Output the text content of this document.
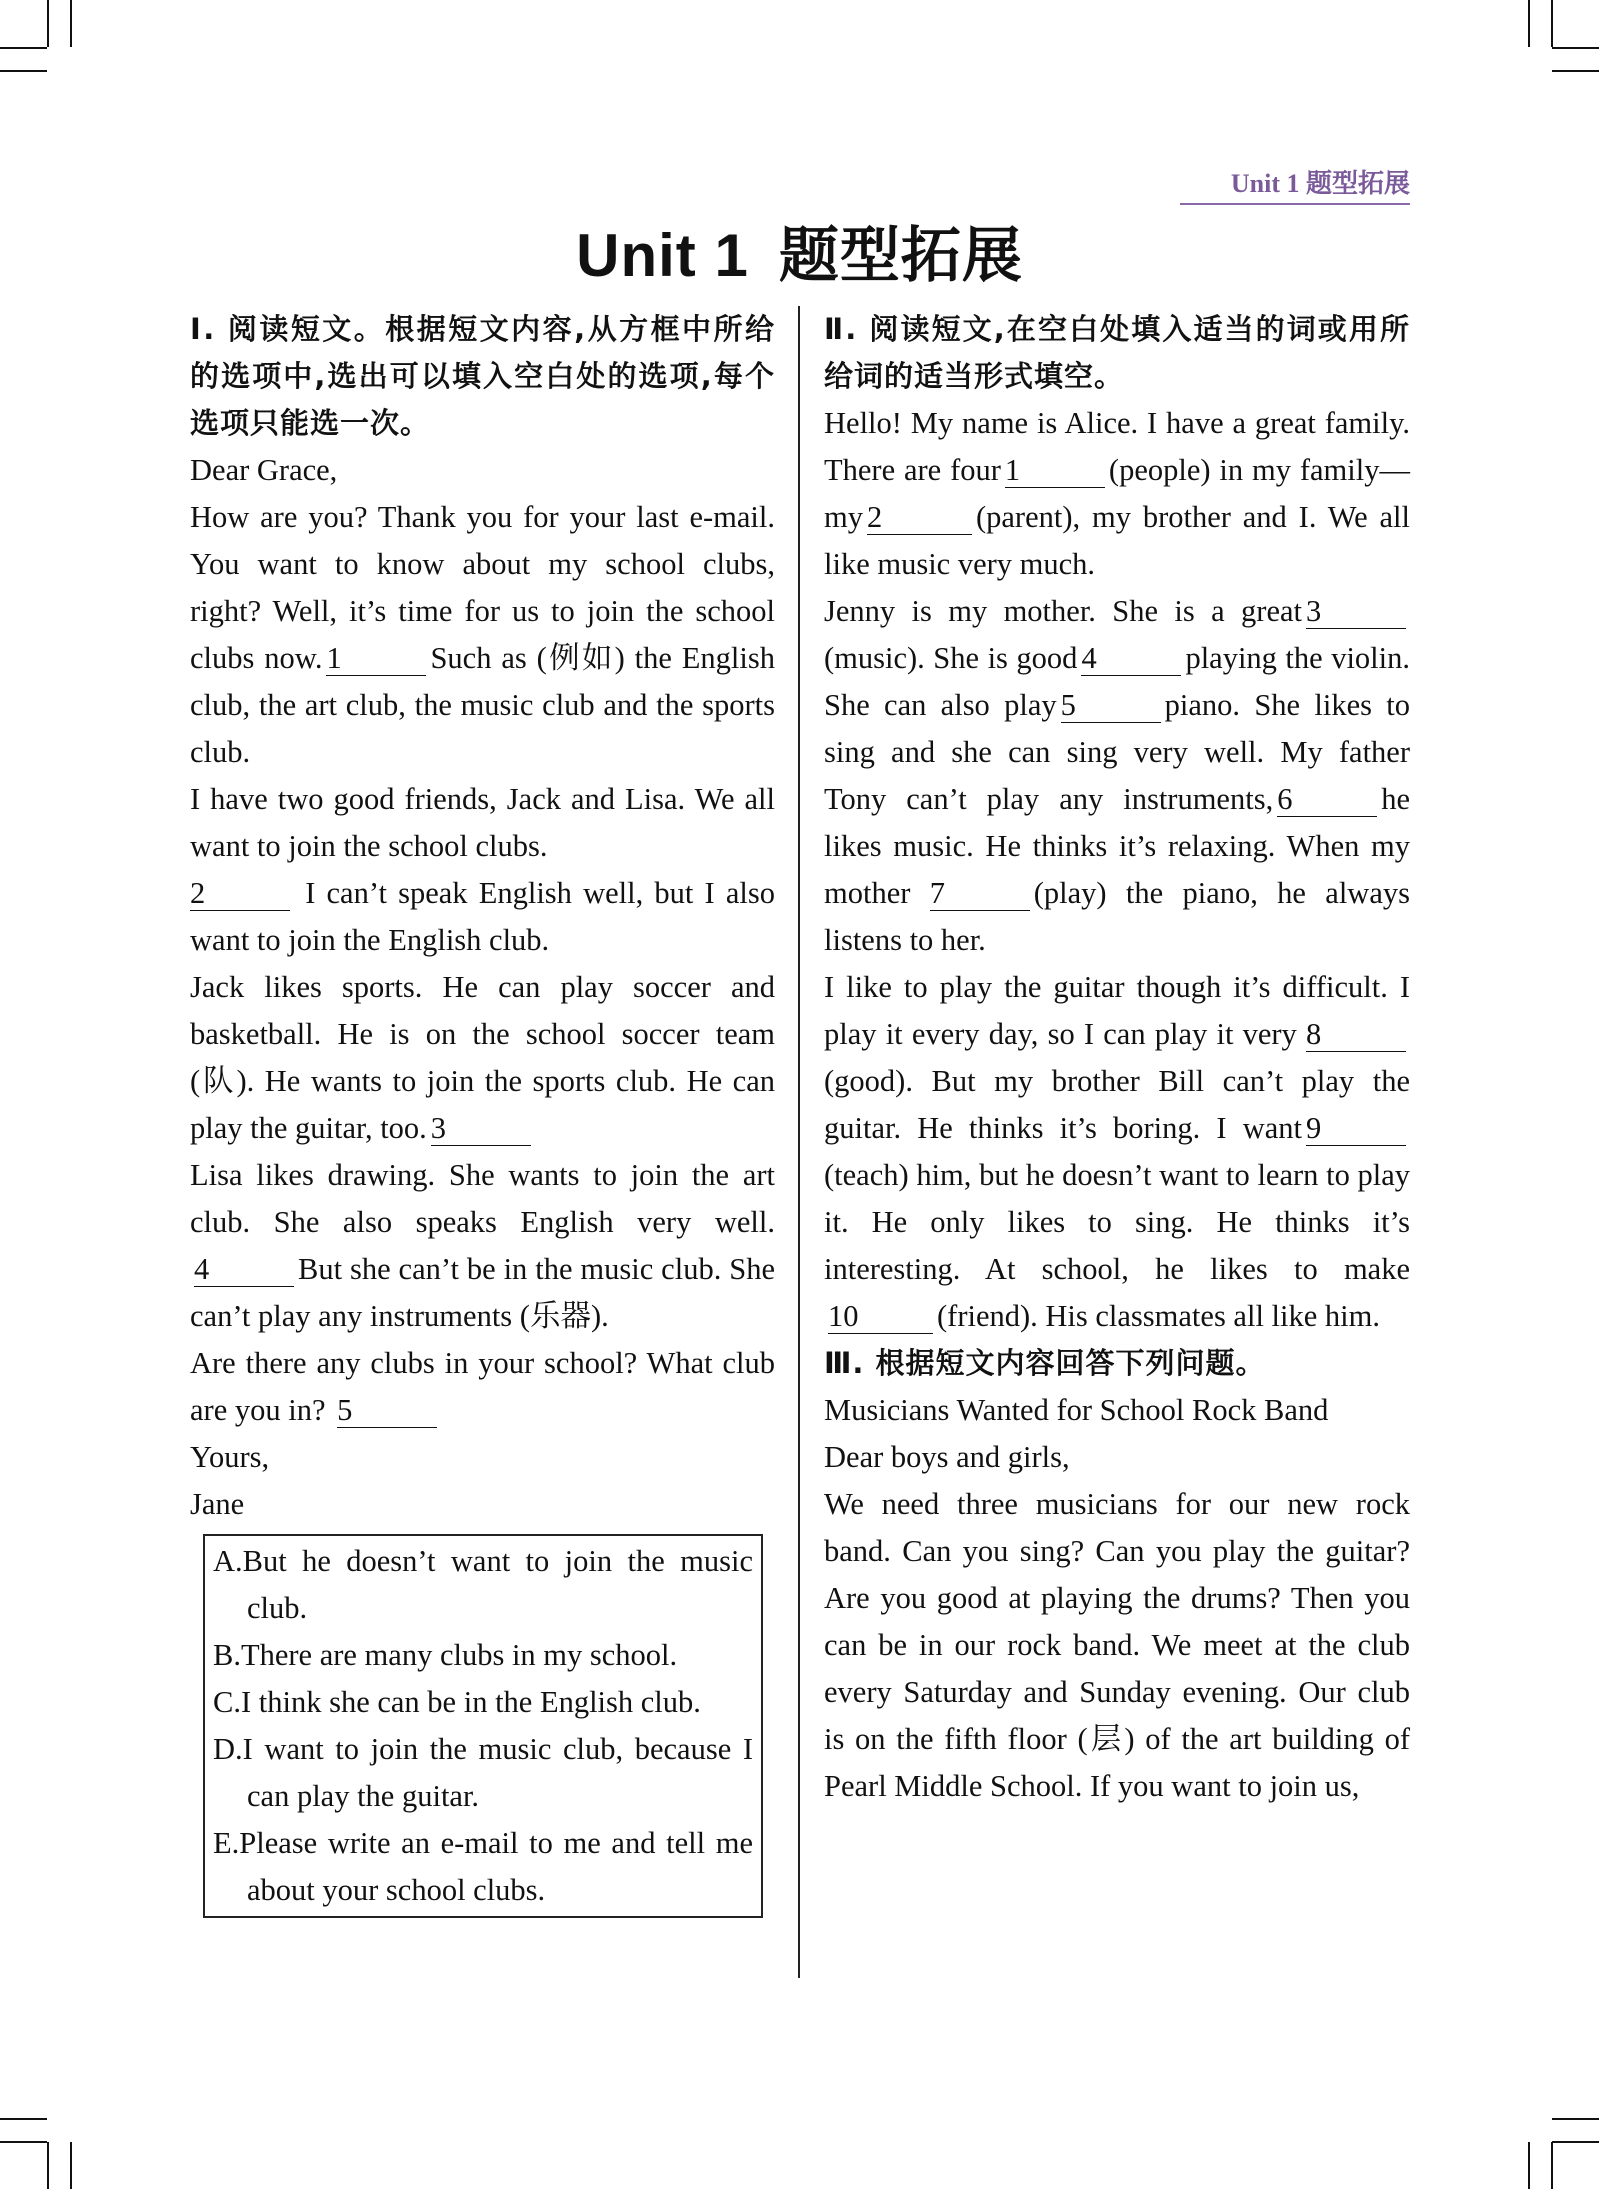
Unit 1 题型拓展
Unit 1 题型拓展

Ⅰ. 阅读短文。根据短文内容,从方框中所给的选项中,选出可以填入空白处的选项,每个选项只能选一次。

Dear Grace,

How are you? Thank you for your last e-mail. You want to know about my school clubs, right? Well, it’s time for us to join the school clubs now. 1	Such as (例如) the English club, the art club, the music club and the sports club.

I have two good friends, Jack and Lisa. We all want to join the school clubs.

2	I can’t speak English well, but I also want to join the English club.

Jack likes sports. He can play soccer and basketball. He is on the school soccer team (队). He wants to join the sports club. He can play the guitar, too. 3

Lisa likes drawing. She wants to join the art club. She also speaks English very well.4	But she can’t be in the music club. She can’t play any instruments (乐器).

Are there any clubs in your school? What club are you in? 5

Yours,

Jane

A.But he doesn’t want to join the music club.

B.There are many clubs in my school.

C.I think she can be in the English club.

D.I want to join the music club, because I can play the guitar.

E.Please write an e-mail to me and tell me about your school clubs.

Ⅱ. 阅读短文,在空白处填入适当的词或用所给词的适当形式填空。

Hello! My name is Alice. I have a great family. There are four 1	(people) in my family—my 2	(parent), my brother and I. We all like music very much.

Jenny is my mother. She is a great 3(music). She is good 4	playing the violin. She can also play 5	piano. She likes to sing and she can sing very well. My father Tony can’t play any instruments, 6	he likes music. He thinks it’s relaxing. When my mother 7	(play) the piano, he always listens to her.

I like to play the guitar though it’s difficult. I play it every day, so I can play it very 8(good). But my brother Bill can’t play the guitar. He thinks it’s boring. I want 9(teach) him, but he doesn’t want to learn to play it. He only likes to sing. He thinks it’s interesting. At school, he likes to make10	(friend). His classmates all like him.

Ⅲ. 根据短文内容回答下列问题。

Musicians Wanted for School Rock Band

Dear boys and girls,

We need three musicians for our new rock band. Can you sing? Can you play the guitar? Are you good at playing the drums? Then you can be in our rock band. We meet at the club every Saturday and Sunday evening. Our club is on the fifth floor (层) of the art building of Pearl Middle School. If you want to join us,
